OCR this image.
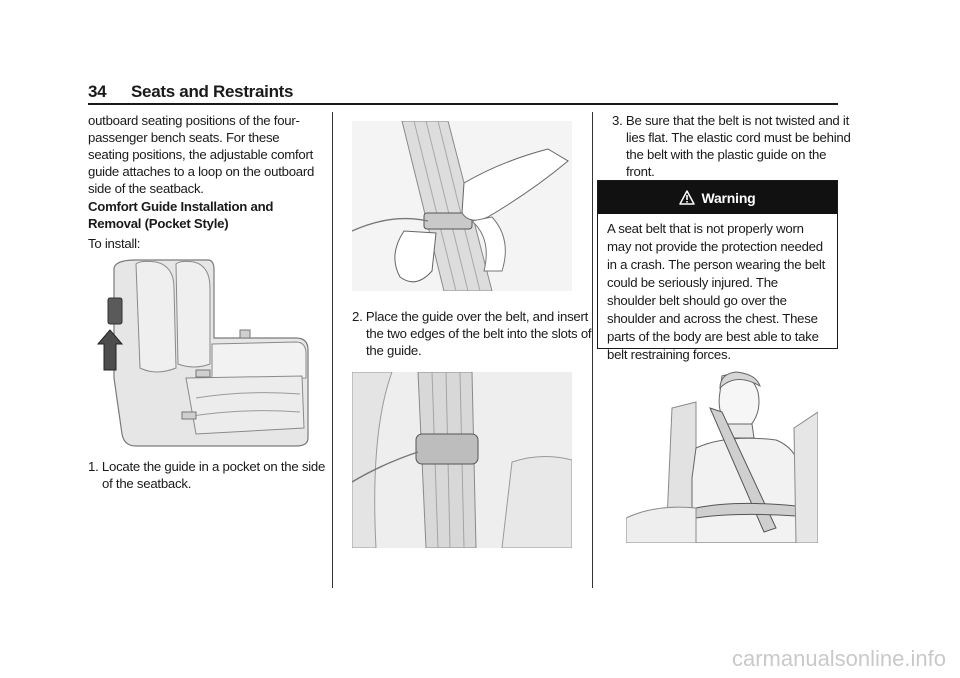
34 Seats and Restraints
outboard seating positions of the four-passenger bench seats. For these seating positions, the adjustable comfort guide attaches to a loop on the outboard side of the seatback.
Comfort Guide Installation and Removal (Pocket Style)
To install:
1. Locate the guide in a pocket on the side of the seatback.
2. Place the guide over the belt, and insert the two edges of the belt into the slots of the guide.
3. Be sure that the belt is not twisted and it lies flat. The elastic cord must be behind the belt with the plastic guide on the front.
Warning
A seat belt that is not properly worn may not provide the protection needed in a crash. The person wearing the belt could be seriously injured. The shoulder belt should go over the shoulder and across the chest. These parts of the body are best able to take belt restraining forces.
carmanualsonline.info
